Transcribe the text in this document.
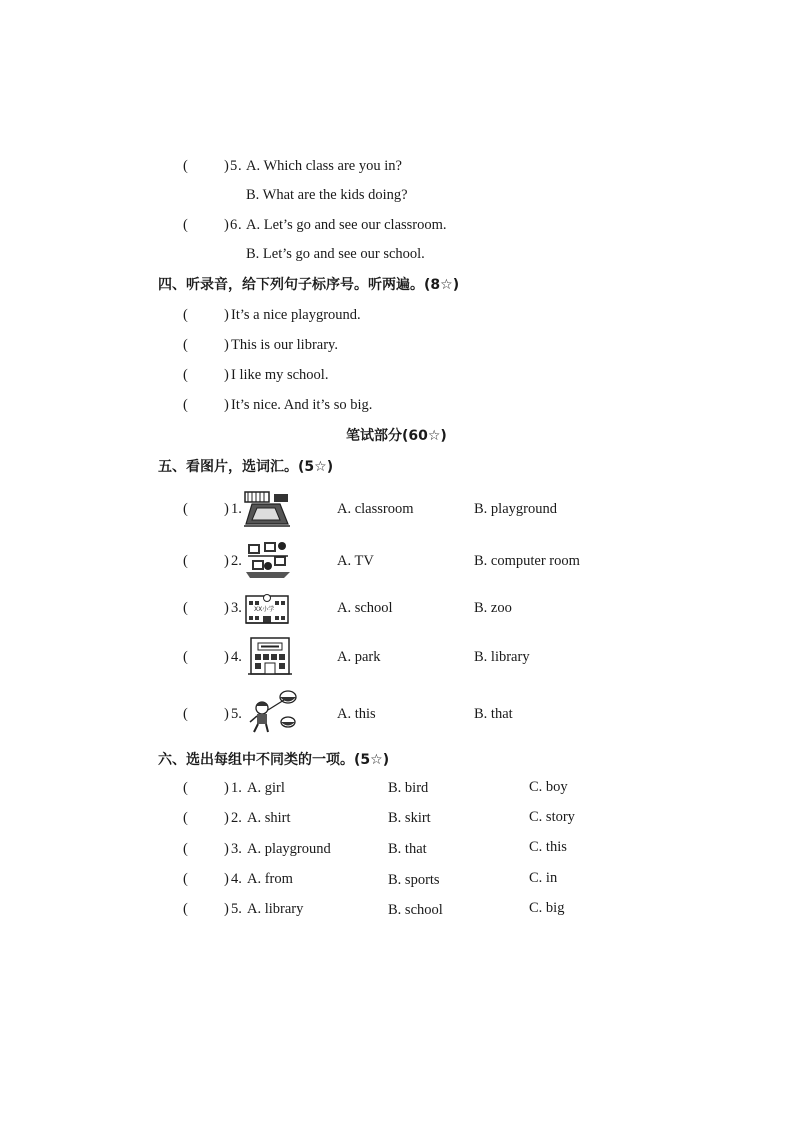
( ) 5 . A. Which class are you in?
B. What are the kids doing?
( ) 6 . A. Let’s go and see our classroom.
B. Let’s go and see our school.
四、听录音，给下列句子标序号。听两遍。(8☆)
( ) It’s a nice playground.
( ) This is our library.
( ) I like my school.
( ) It’s nice. And it’s so big.
笔试部分(60☆)
五、看图片，选词汇。(5☆)
( ) 1.	A. classroom	B. playground
( ) 2.	A. TV	B. computer room
( ) 3. XX小学	A. school	B. zoo
( ) 4.	A. park	B. library
( ) 5.	A. this	B. that
六、选出每组中不同类的一项。(5☆)
( ) 1. A. girl	B. bird	C. boy
( ) 2. A. shirt	B. skirt	C. story
( ) 3. A. playground	B. that	C. this
( ) 4. A. from	B. sports	C. in
( ) 5. A. library	B. school	C. big
